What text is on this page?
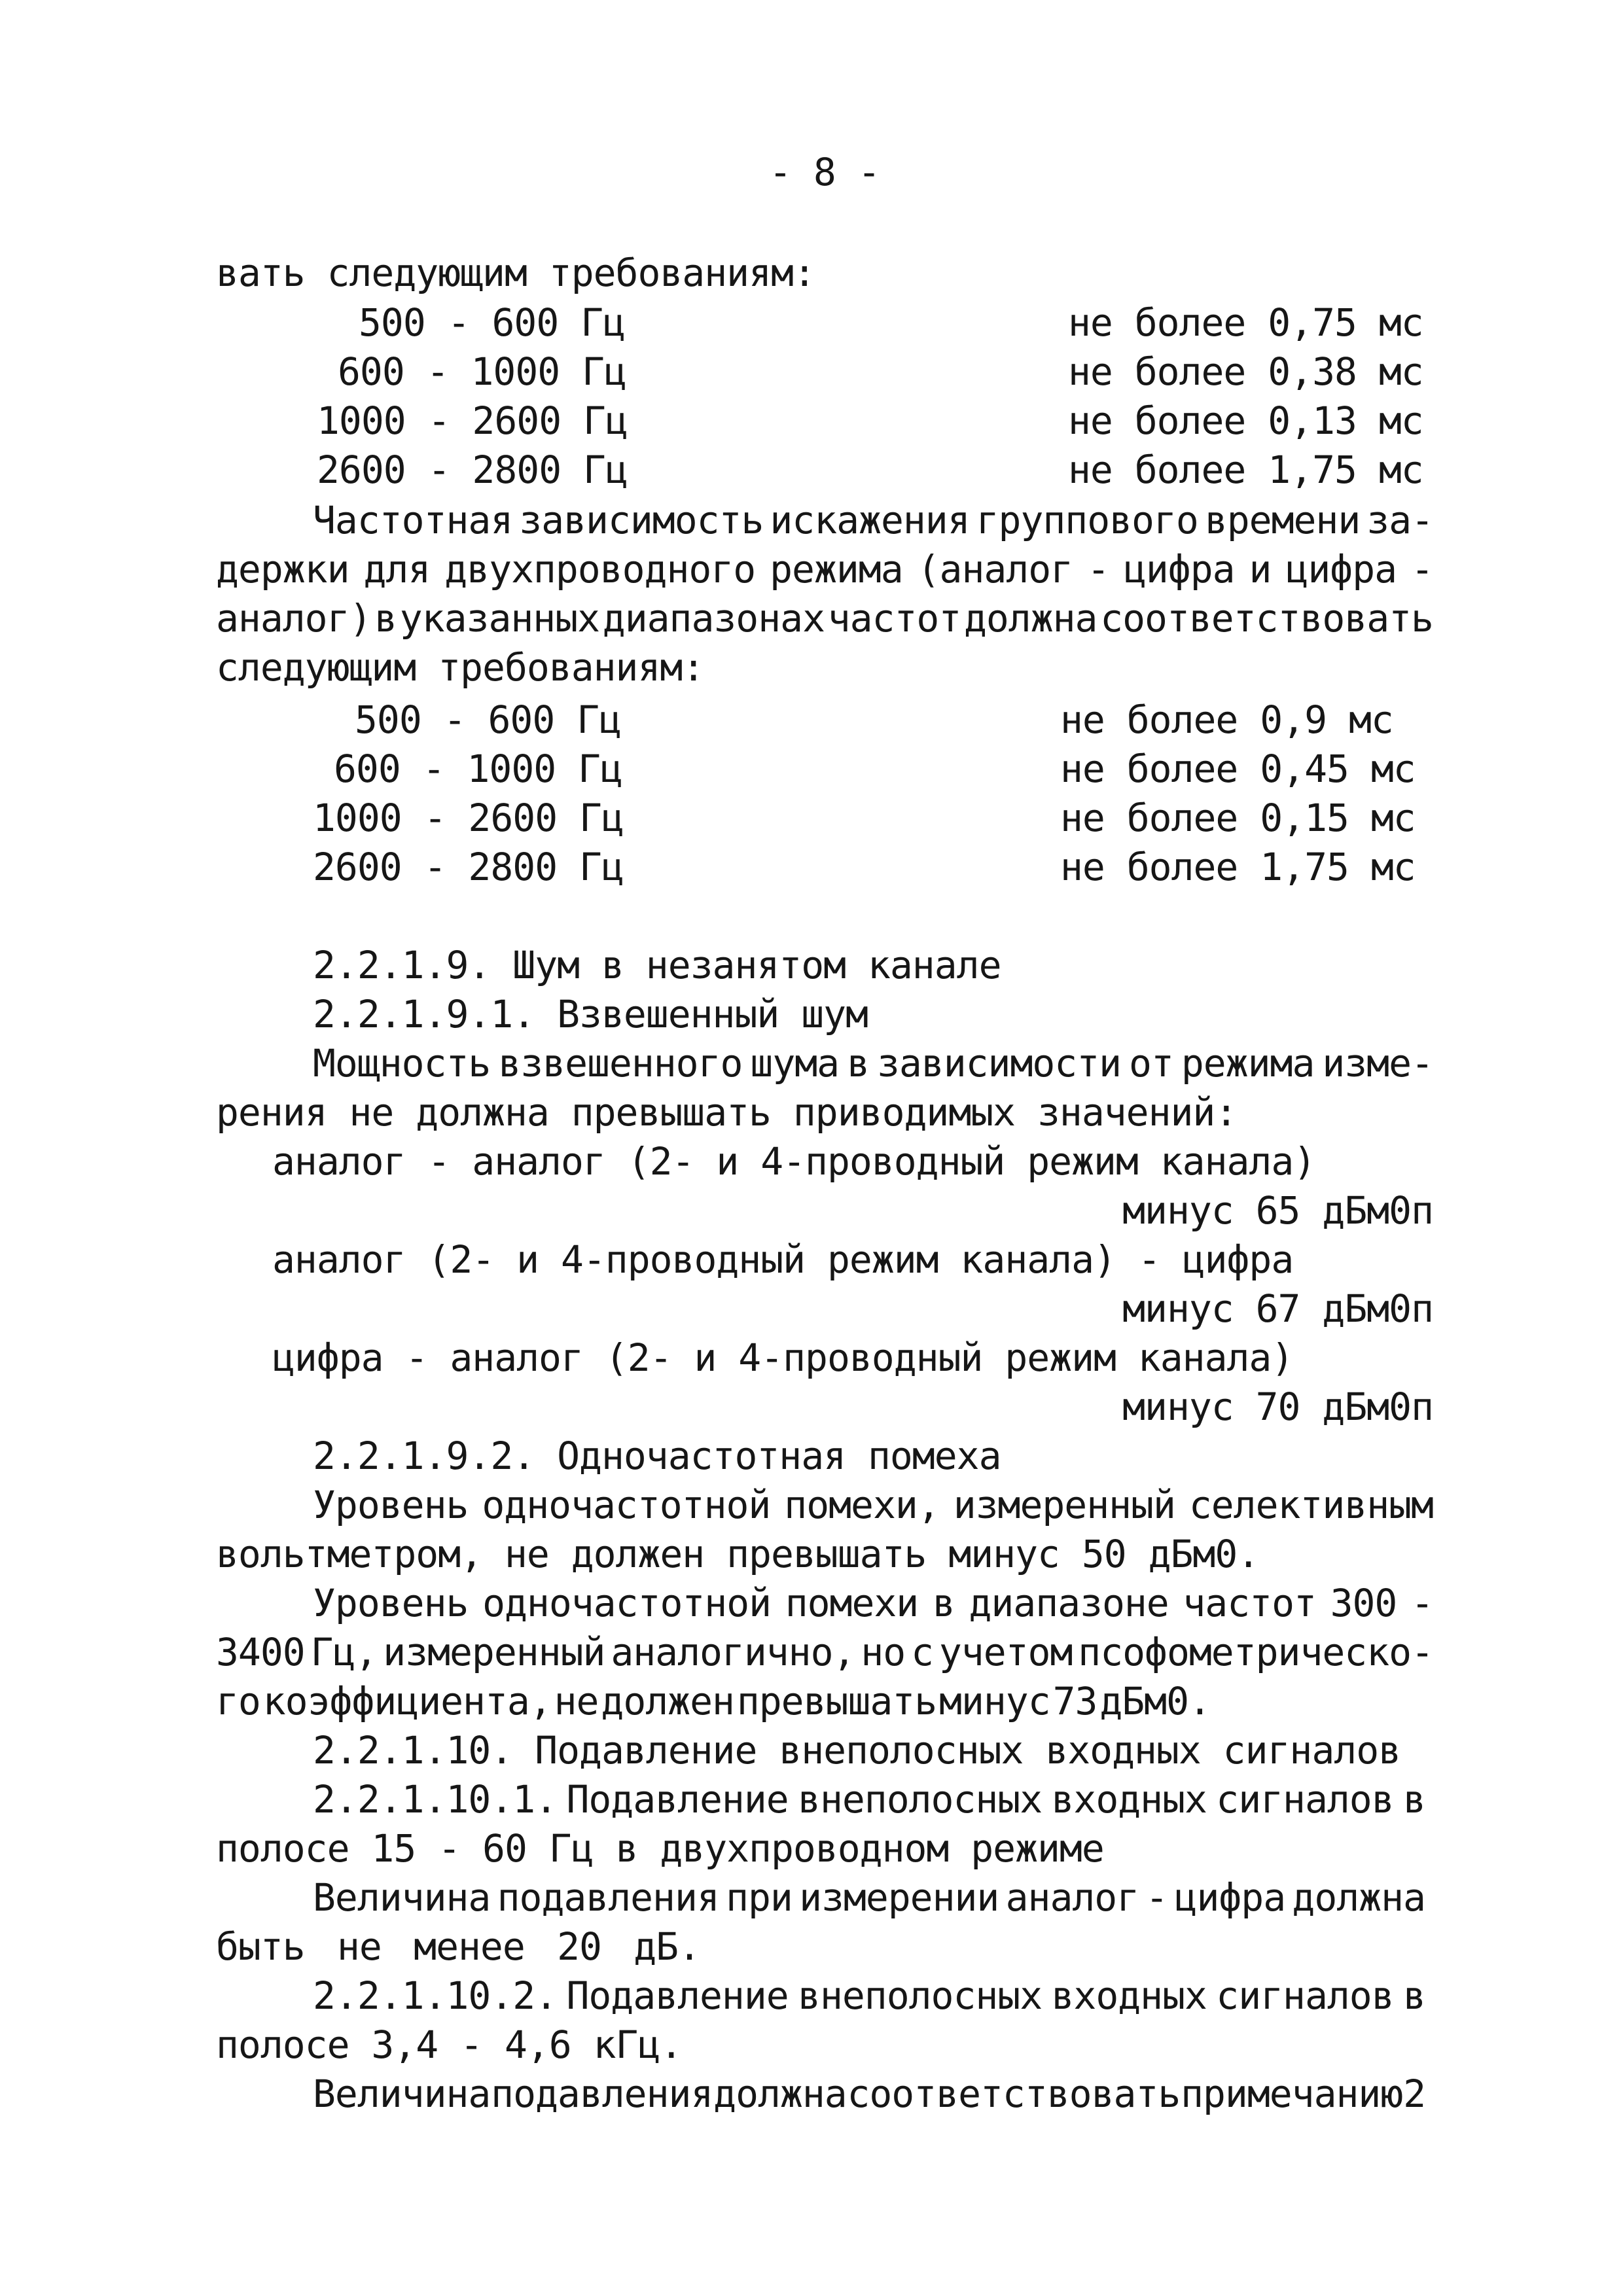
- 8 -
вать следующим требованиям:
500 - 600 Гц	не более 0,75 мс
600 - 1000 Гц	не более 0,38 мс
1000 - 2600 Гц	не более 0,13 мс
2600 - 2800 Гц	не более 1,75 мс
Частотная зависимость искажения группового времени за-
держки для двухпроводного режима (аналог - цифра и цифра -
аналог) в указанных диапазонах частот должна соответствовать
следующим требованиям:
500 - 600 Гц	не более 0,9 мс
600 - 1000 Гц	не более 0,45 мс
1000 - 2600 Гц	не более 0,15 мс
2600 - 2800 Гц	не более 1,75 мс
2.2.1.9. Шум в незанятом канале
2.2.1.9.1. Взвешенный шум
Мощность взвешенного шума в зависимости от режима изме-
рения не должна превышать приводимых значений:
аналог - аналог (2- и 4-проводный режим канала)
минус 65 дБм0п
аналог (2- и 4-проводный режим канала) - цифра
минус 67 дБм0п
цифра - аналог (2- и 4-проводный режим канала)
минус 70 дБм0п
2.2.1.9.2. Одночастотная помеха
Уровень одночастотной помехи, измеренный селективным
вольтметром, не должен превышать минус 50 дБм0.
Уровень одночастотной помехи в диапазоне частот 300 -
3400 Гц, измеренный аналогично, но с учетом псофометрическо-
го коэффициента, не должен превышать минус 73 дБм0.
2.2.1.10. Подавление внеполосных входных сигналов
2.2.1.10.1. Подавление внеполосных входных сигналов в
полосе 15 - 60 Гц в двухпроводном режиме
Величина подавления при измерении аналог - цифра должна
быть не менее 20 дБ.
2.2.1.10.2. Подавление внеполосных входных сигналов в
полосе 3,4 - 4,6 кГц.
Величина подавления должна соответствовать примечанию 2
